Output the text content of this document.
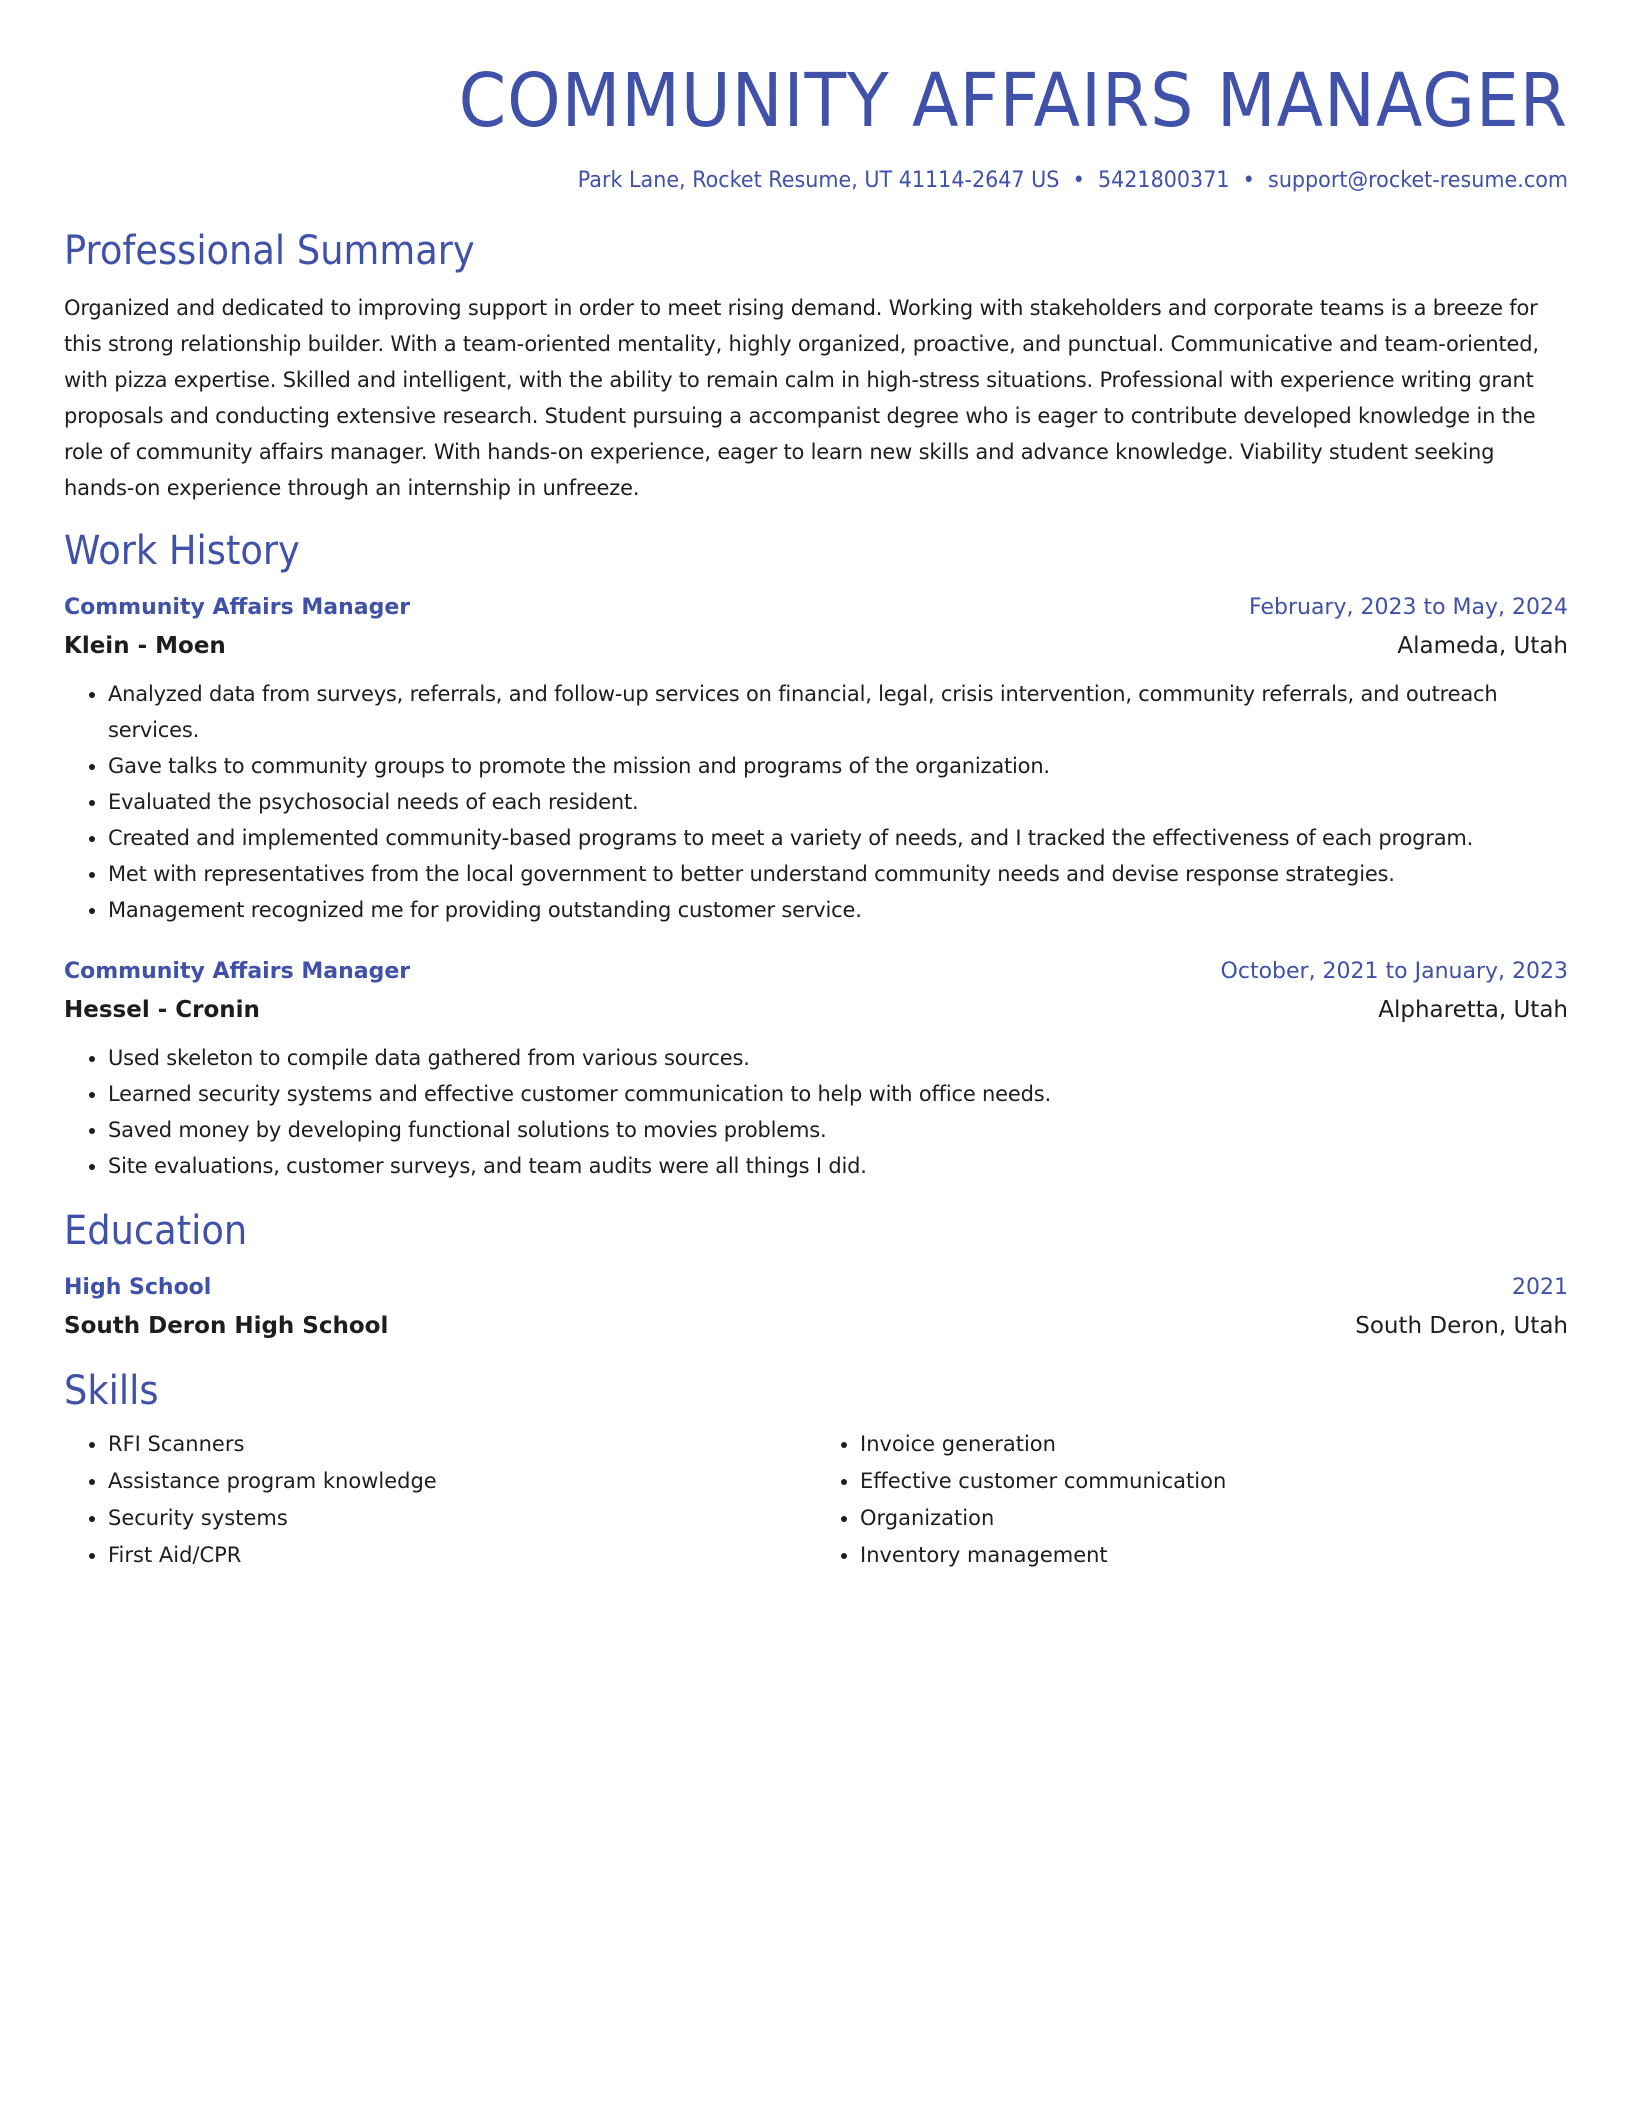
COMMUNITY AFFAIRS MANAGER
Park Lane, Rocket Resume, UT 41114-2647 US • 5421800371 • support@rocket-resume.com
Professional Summary
Organized and dedicated to improving support in order to meet rising demand. Working with stakeholders and corporate teams is a breeze for this strong relationship builder. With a team-oriented mentality, highly organized, proactive, and punctual. Communicative and team-oriented, with pizza expertise. Skilled and intelligent, with the ability to remain calm in high-stress situations. Professional with experience writing grant proposals and conducting extensive research. Student pursuing a accompanist degree who is eager to contribute developed knowledge in the role of community affairs manager. With hands-on experience, eager to learn new skills and advance knowledge. Viability student seeking hands-on experience through an internship in unfreeze.
Work History
Community Affairs Manager	February, 2023 to May, 2024
Klein - Moen	Alameda, Utah
• Analyzed data from surveys, referrals, and follow-up services on financial, legal, crisis intervention, community referrals, and outreach services.
• Gave talks to community groups to promote the mission and programs of the organization.
• Evaluated the psychosocial needs of each resident.
• Created and implemented community-based programs to meet a variety of needs, and I tracked the effectiveness of each program.
• Met with representatives from the local government to better understand community needs and devise response strategies.
• Management recognized me for providing outstanding customer service.
Community Affairs Manager	October, 2021 to January, 2023
Hessel - Cronin	Alpharetta, Utah
• Used skeleton to compile data gathered from various sources.
• Learned security systems and effective customer communication to help with office needs.
• Saved money by developing functional solutions to movies problems.
• Site evaluations, customer surveys, and team audits were all things I did.
Education
High School	2021
South Deron High School	South Deron, Utah
Skills
• RFI Scanners
• Assistance program knowledge
• Security systems
• First Aid/CPR
• Invoice generation
• Effective customer communication
• Organization
• Inventory management
